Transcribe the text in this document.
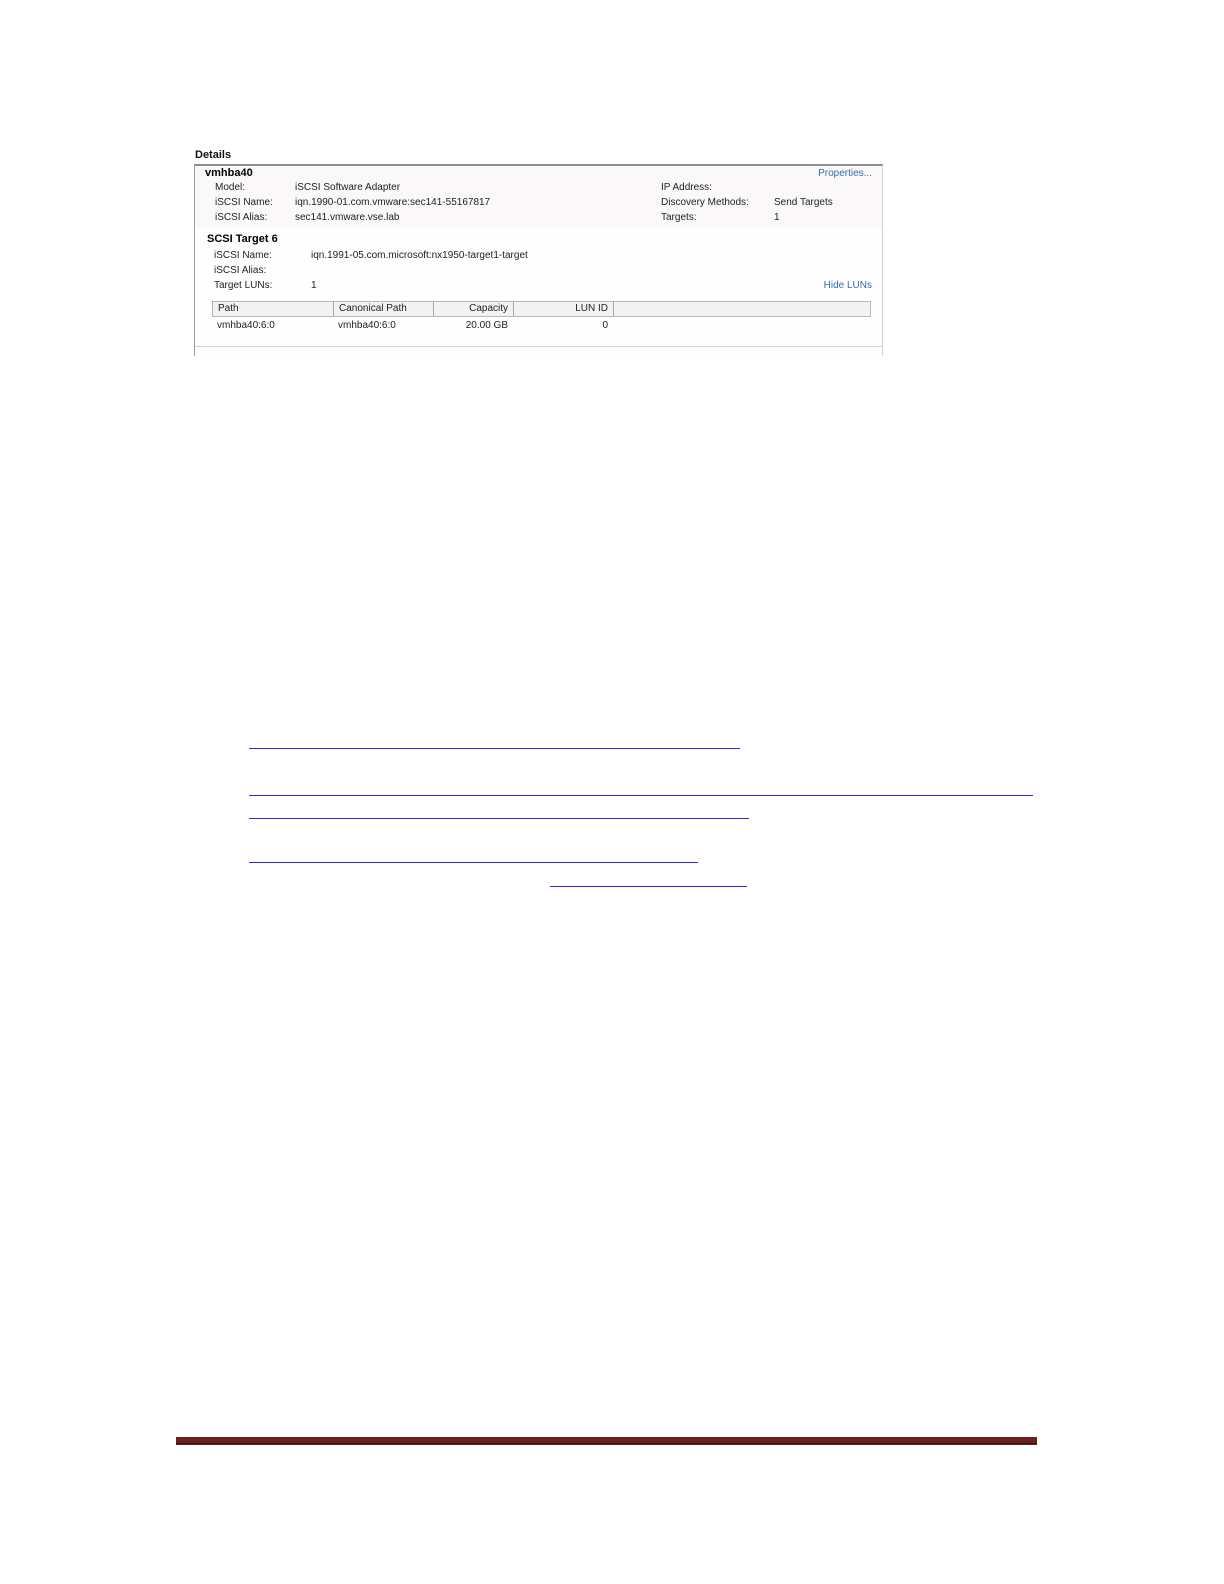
Details
vmhba40	Properties...
Model:	iSCSI Software Adapter
iSCSI Name: iqn.1990-01.com.vmware:sec141-55167817
iSCSI Alias:	sec141.vmware.vse.lab
IP Address:
Discovery Methods:	Send Targets
Targets:	1
SCSI Target 6
iSCSI Name:	iqn.1991-05.com.microsoft:nx1950-target1-target
iSCSI Alias:
Target LUNs:	1	Hide LUNs
Path	Canonical Path	Capacity	LUN ID
vmhba40:6:0	vmhba40:6:0	20.00 GB	0
